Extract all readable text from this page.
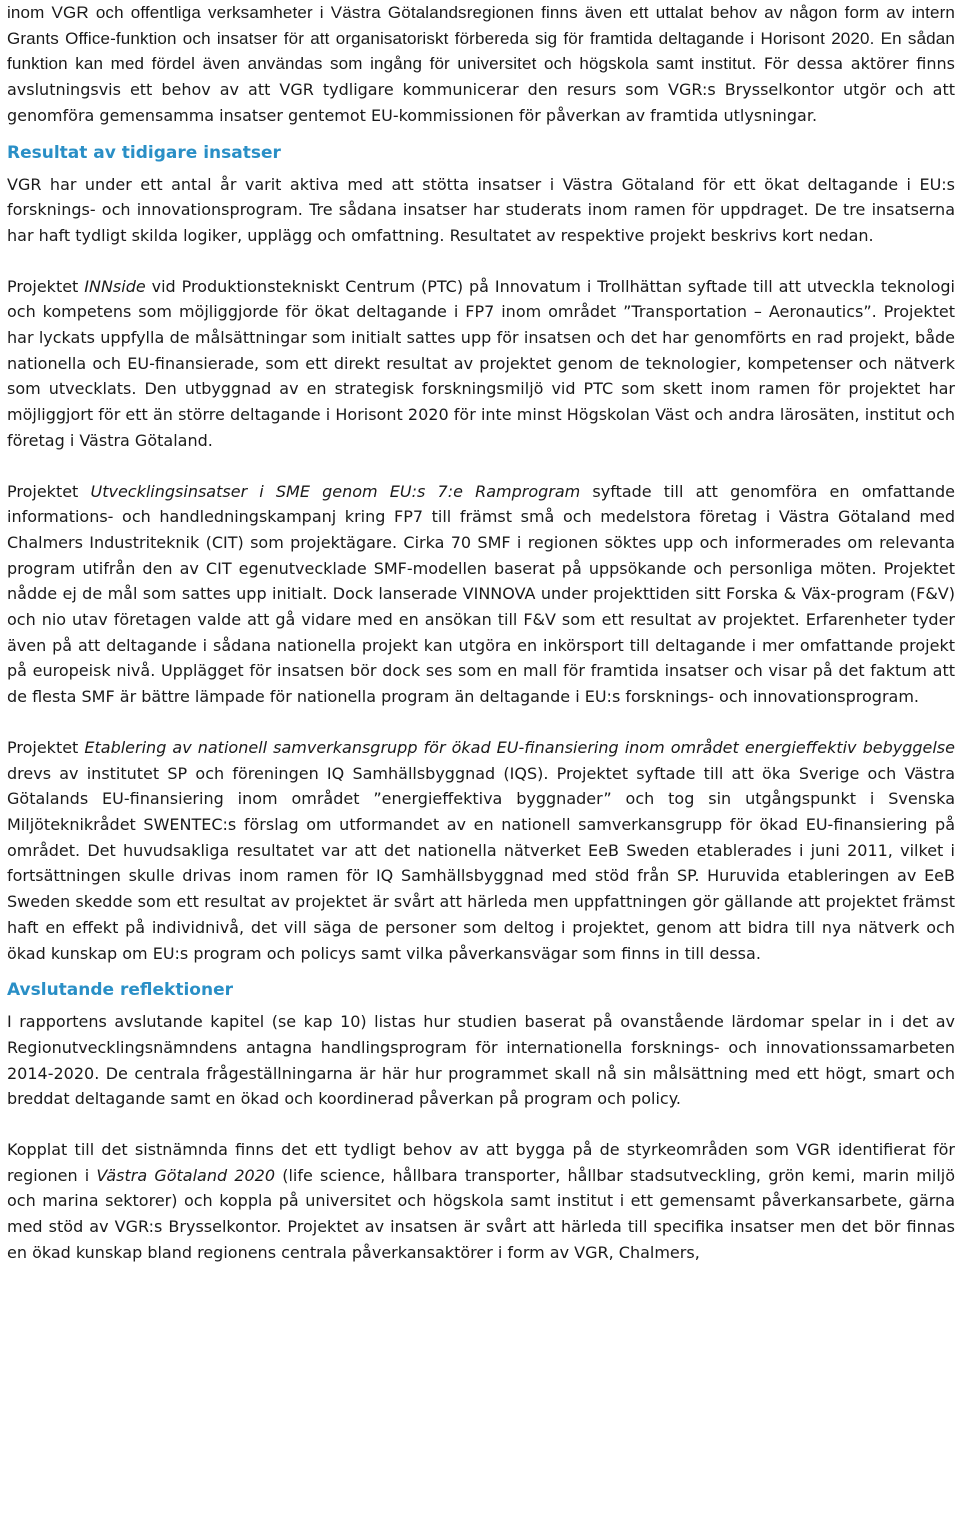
inom VGR och offentliga verksamheter i Västra Götalandsregionen finns även ett uttalat behov av någon form av intern Grants Office-funktion och insatser för att organisatoriskt förbereda sig för framtida deltagande i Horisont 2020. En sådan funktion kan med fördel även användas som ingång för universitet och högskola samt institut. För dessa aktörer finns avslutningsvis ett behov av att VGR tydligare kommunicerar den resurs som VGR:s Brysselkontor utgör och att genomföra gemensamma insatser gentemot EU-kommissionen för påverkan av framtida utlysningar.

Resultat av tidigare insatser

VGR har under ett antal år varit aktiva med att stötta insatser i Västra Götaland för ett ökat deltagande i EU:s forsknings- och innovationsprogram. Tre sådana insatser har studerats inom ramen för uppdraget. De tre insatserna har haft tydligt skilda logiker, upplägg och omfattning. Resultatet av respektive projekt beskrivs kort nedan.

Projektet INNside vid Produktionstekniskt Centrum (PTC) på Innovatum i Trollhättan syftade till att utveckla teknologi och kompetens som möjliggjorde för ökat deltagande i FP7 inom området ”Transportation – Aeronautics”. Projektet har lyckats uppfylla de målsättningar som initialt sattes upp för insatsen och det har genomförts en rad projekt, både nationella och EU-finansierade, som ett direkt resultat av projektet genom de teknologier, kompetenser och nätverk som utvecklats. Den utbyggnad av en strategisk forskningsmiljö vid PTC som skett inom ramen för projektet har möjliggjort för ett än större deltagande i Horisont 2020 för inte minst Högskolan Väst och andra lärosäten, institut och företag i Västra Götaland.

Projektet Utvecklingsinsatser i SME genom EU:s 7:e Ramprogram syftade till att genomföra en omfattande informations- och handledningskampanj kring FP7 till främst små och medelstora företag i Västra Götaland med Chalmers Industriteknik (CIT) som projektägare. Cirka 70 SMF i regionen söktes upp och informerades om relevanta program utifrån den av CIT egenutvecklade SMF-modellen baserat på uppsökande och personliga möten. Projektet nådde ej de mål som sattes upp initialt. Dock lanserade VINNOVA under projekttiden sitt Forska & Väx-program (F&V) och nio utav företagen valde att gå vidare med en ansökan till F&V som ett resultat av projektet. Erfarenheter tyder även på att deltagande i sådana nationella projekt kan utgöra en inkörsport till deltagande i mer omfattande projekt på europeisk nivå. Upplägget för insatsen bör dock ses som en mall för framtida insatser och visar på det faktum att de flesta SMF är bättre lämpade för nationella program än deltagande i EU:s forsknings- och innovationsprogram.

Projektet Etablering av nationell samverkansgrupp för ökad EU-finansiering inom området energieffektiv bebyggelse drevs av institutet SP och föreningen IQ Samhällsbyggnad (IQS). Projektet syftade till att öka Sverige och Västra Götalands EU-finansiering inom området ”energieffektiva byggnader” och tog sin utgångspunkt i Svenska Miljöteknikrådet SWENTEC:s förslag om utformandet av en nationell samverkansgrupp för ökad EU-finansiering på området. Det huvudsakliga resultatet var att det nationella nätverket EeB Sweden etablerades i juni 2011, vilket i fortsättningen skulle drivas inom ramen för IQ Samhällsbyggnad med stöd från SP. Huruvida etableringen av EeB Sweden skedde som ett resultat av projektet är svårt att härleda men uppfattningen gör gällande att projektet främst haft en effekt på individnivå, det vill säga de personer som deltog i projektet, genom att bidra till nya nätverk och ökad kunskap om EU:s program och policys samt vilka påverkansvägar som finns in till dessa.

Avslutande reflektioner

I rapportens avslutande kapitel (se kap 10) listas hur studien baserat på ovanstående lärdomar spelar in i det av Regionutvecklingsnämndens antagna handlingsprogram för internationella forsknings- och innovationssamarbeten 2014-2020. De centrala frågeställningarna är här hur programmet skall nå sin målsättning med ett högt, smart och breddat deltagande samt en ökad och koordinerad påverkan på program och policy.

Kopplat till det sistnämnda finns det ett tydligt behov av att bygga på de styrkeområden som VGR identifierat för regionen i Västra Götaland 2020 (life science, hållbara transporter, hållbar stadsutveckling, grön kemi, marin miljö och marina sektorer) och koppla på universitet och högskola samt institut i ett gemensamt påverkansarbete, gärna med stöd av VGR:s Brysselkontor. Projektet av insatsen är svårt att härleda till specifika insatser men det bör finnas en ökad kunskap bland regionens centrala påverkansaktörer i form av VGR, Chalmers,
